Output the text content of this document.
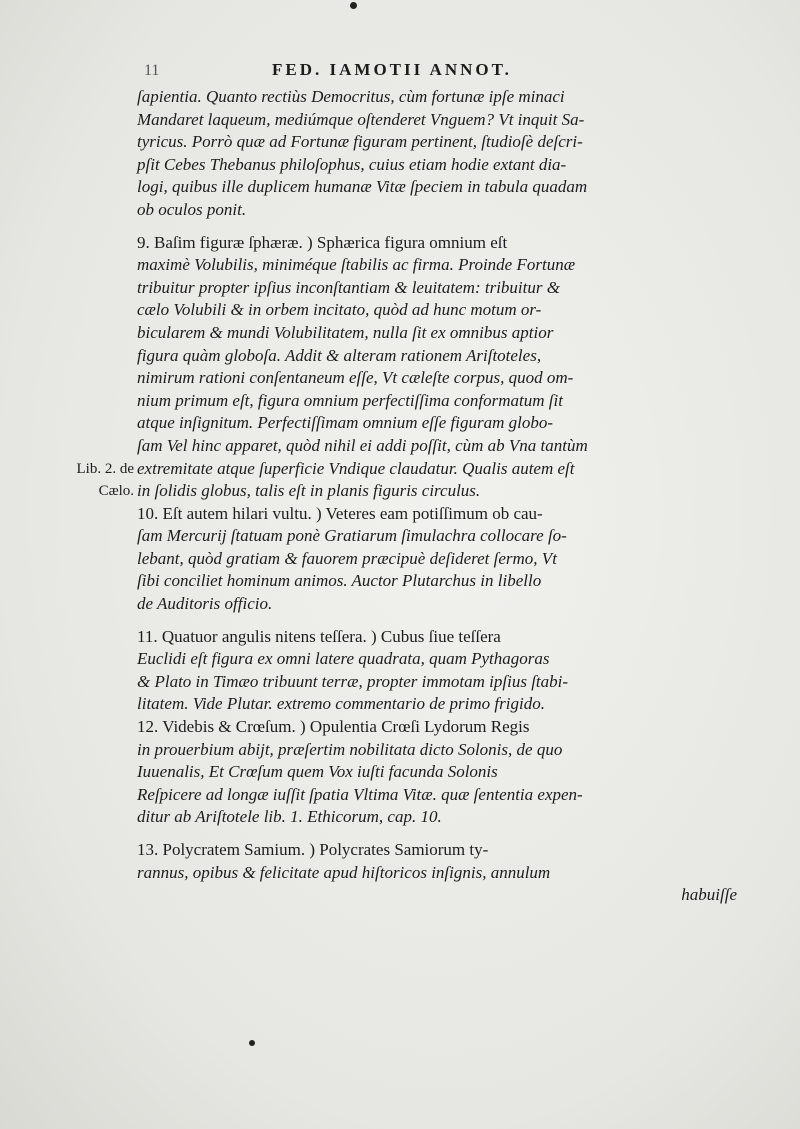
11	FED. IAMOTII ANNOT.
Lib. 2. de
Cælo.
ſapientia. Quanto rectiùs Democritus, cùm fortunæ ipſe minaci
Mandaret laqueum, mediúmque oſtenderet Vnguem? Vt inquit Sa-
tyricus. Porrò quæ ad Fortunæ figuram pertinent, ſtudioſè deſcri-
pſit Cebes Thebanus philoſophus, cuius etiam hodie extant dia-
logi, quibus ille duplicem humanæ Vitæ ſpeciem in tabula quadam
ob oculos ponit.
9. Baſim figuræ ſphæræ. ) Sphærica figura omnium eſt
maximè Volubilis, miniméque ſtabilis ac firma. Proinde Fortunæ
tribuitur propter ipſius inconſtantiam & leuitatem: tribuitur &
cælo Volubili & in orbem incitato, quòd ad hunc motum or-
bicularem & mundi Volubilitatem, nulla ſit ex omnibus aptior
figura quàm globoſa. Addit & alteram rationem Ariſtoteles,
nimirum rationi conſentaneum eſſe, Vt cæleſte corpus, quod om-
nium primum eſt, figura omnium perfectiſſima conformatum ſit
atque inſignitum. Perfectiſſimam omnium eſſe figuram globo-
ſam Vel hinc apparet, quòd nihil ei addi poſſit, cùm ab Vna tantùm
extremitate atque ſuperficie Vndique claudatur. Qualis autem eſt
in ſolidis globus, talis eſt in planis figuris circulus.
10. Eſt autem hilari vultu. ) Veteres eam potiſſimum ob cau-
ſam Mercurij ſtatuam ponè Gratiarum ſimulachra collocare ſo-
lebant, quòd gratiam & fauorem præcipuè deſideret ſermo, Vt
ſibi conciliet hominum animos. Auctor Plutarchus in libello
de Auditoris officio.
11. Quatuor angulis nitens teſſera. ) Cubus ſiue teſſera
Euclidi eſt figura ex omni latere quadrata, quam Pythagoras
& Plato in Timæo tribuunt terræ, propter immotam ipſius ſtabi-
litatem. Vide Plutar. extremo commentario de primo frigido.
12. Videbis & Crœſum. ) Opulentia Crœſi Lydorum Regis
in prouerbium abijt, præſertim nobilitata dicto Solonis, de quo
Iuuenalis, Et Crœſum quem Vox iuſti facunda Solonis
Reſpicere ad longæ iuſſit ſpatia Vltima Vitæ. quæ ſententia expen-
ditur ab Ariſtotele lib. 1. Ethicorum, cap. 10.
13. Polycratem Samium. ) Polycrates Samiorum ty-
rannus, opibus & felicitate apud hiſtoricos inſignis, annulum
habuiſſe
